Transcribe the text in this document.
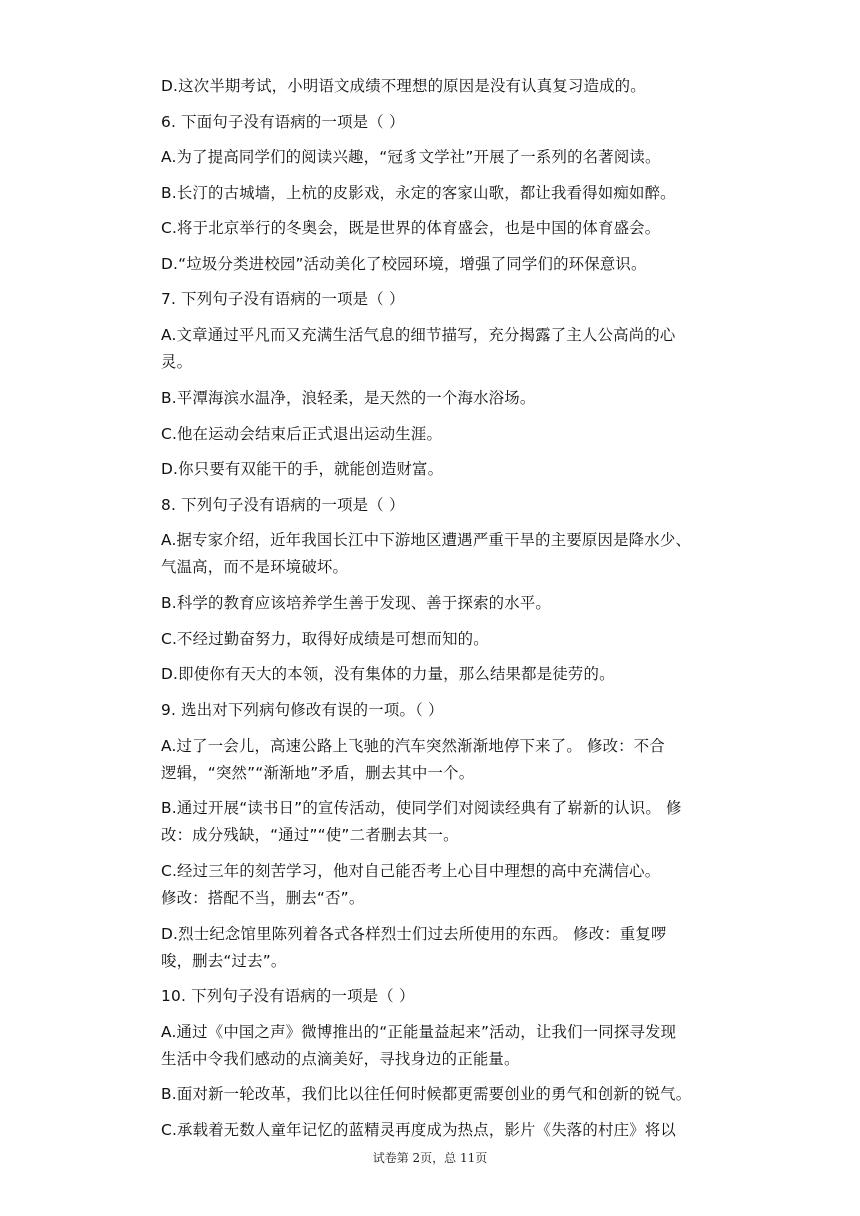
D.这次半期考试，小明语文成绩不理想的原因是没有认真复习造成的。
6. 下面句子没有语病的一项是（ ）
A.为了提高同学们的阅读兴趣，“冠豸文学社”开展了一系列的名著阅读。
B.长汀的古城墙，上杭的皮影戏，永定的客家山歌，都让我看得如痴如醉。
C.将于北京举行的冬奥会，既是世界的体育盛会，也是中国的体育盛会。
D.“垃圾分类进校园”活动美化了校园环境，增强了同学们的环保意识。
7. 下列句子没有语病的一项是（ ）
A.文章通过平凡而又充满生活气息的细节描写，充分揭露了主人公高尚的心
灵。
B.平潭海滨水温净，浪轻柔，是天然的一个海水浴场。
C.他在运动会结束后正式退出运动生涯。
D.你只要有双能干的手，就能创造财富。
8. 下列句子没有语病的一项是（ ）
A.据专家介绍，近年我国长江中下游地区遭遇严重干旱的主要原因是降水少、
气温高，而不是环境破坏。
B.科学的教育应该培养学生善于发现、善于探索的水平。
C.不经过勤奋努力，取得好成绩是可想而知的。
D.即使你有天大的本领，没有集体的力量，那么结果都是徒劳的。
9. 选出对下列病句修改有误的一项。（ ）
A.过了一会儿，高速公路上飞驰的汽车突然渐渐地停下来了。 修改：不合
逻辑，“突然”“渐渐地”矛盾，删去其中一个。
B.通过开展“读书日”的宣传活动，使同学们对阅读经典有了崭新的认识。 修
改：成分残缺，“通过”“使”二者删去其一。
C.经过三年的刻苦学习，他对自己能否考上心目中理想的高中充满信心。
修改：搭配不当，删去“否”。
D.烈士纪念馆里陈列着各式各样烈士们过去所使用的东西。 修改：重复啰
唆，删去“过去”。
10. 下列句子没有语病的一项是（ ）
A.通过《中国之声》微博推出的“正能量益起来”活动，让我们一同探寻发现
生活中令我们感动的点滴美好，寻找身边的正能量。
B.面对新一轮改革，我们比以往任何时候都更需要创业的勇气和创新的锐气。
C.承载着无数人童年记忆的蓝精灵再度成为热点，影片《失落的村庄》将以
试卷第 2页，总 11页
